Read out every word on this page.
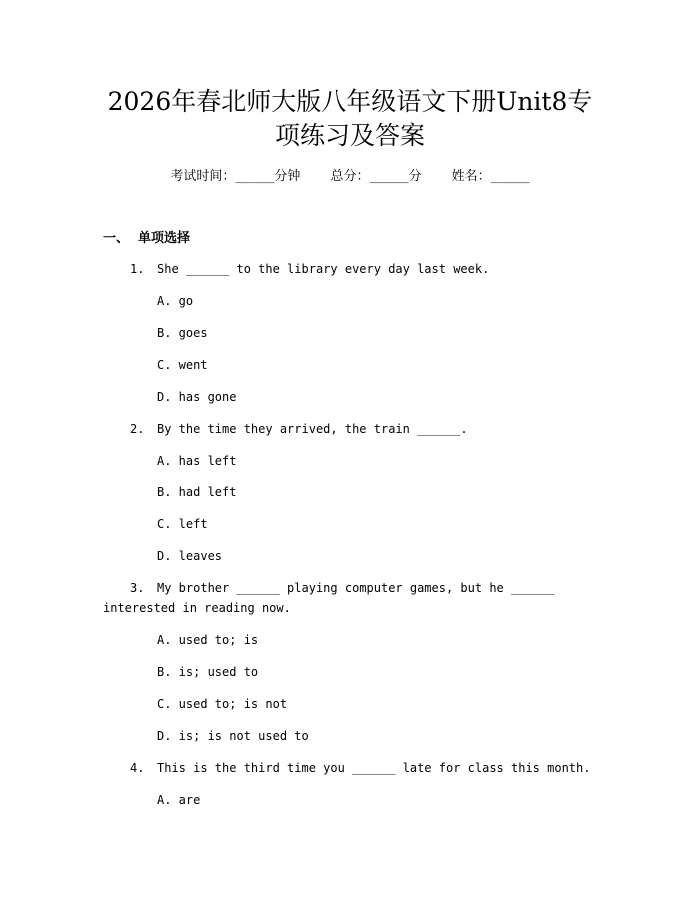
2026年春北师大版八年级语文下册Unit8专
项练习及答案
考试时间：______分钟 总分：______分 姓名：______
一、 单项选择
1.	She ______ to the library every day last week.
A. go
B. goes
C. went
D. has gone
2.	By the time they arrived, the train ______.
A. has left
B. had left
C. left
D. leaves
3.	My brother ______ playing computer games, but he ______
interested in reading now.
A. used to; is
B. is; used to
C. used to; is not
D. is; is not used to
4.	This is the third time you ______ late for class this month.
A. are
